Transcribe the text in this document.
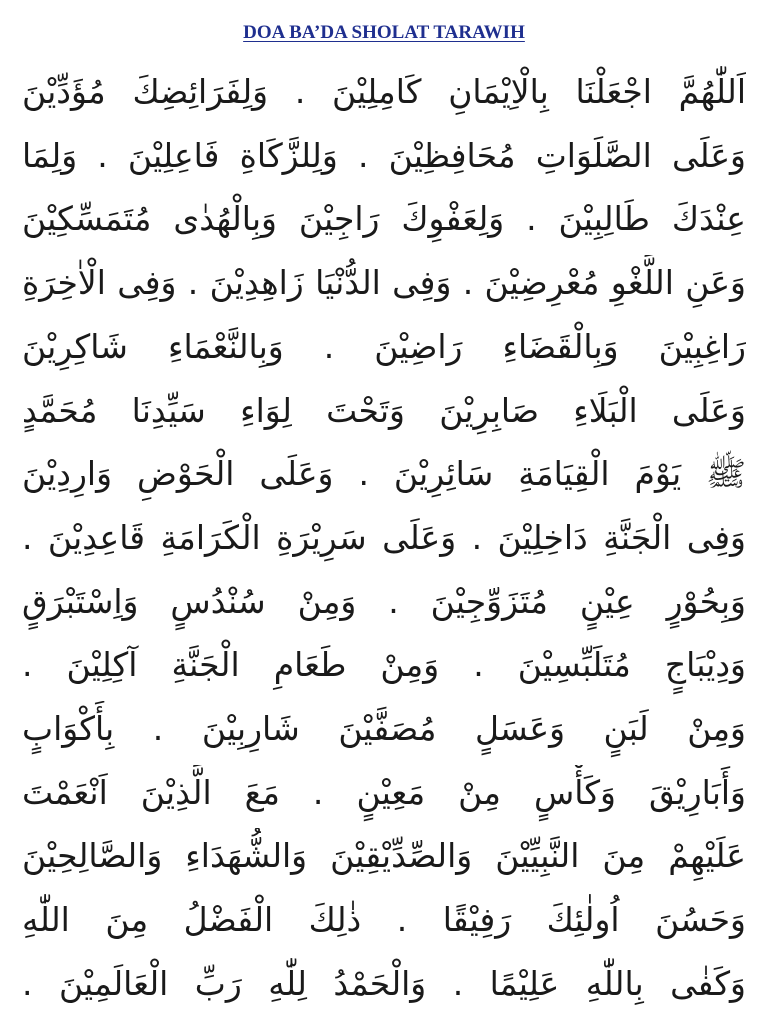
DOA BA’DA SHOLAT TARAWIH
اَللّٰهُمَّ اجْعَلْنَا بِالْاِيْمَانِ كَامِلِيْنَ . وَلِفَرَائِضِكَ مُؤَدِّيْنَ
وَعَلَى الصَّلَوَاتِ مُحَافِظِيْنَ . وَلِلزَّكَاةِ فَاعِلِيْنَ . وَلِمَا
عِنْدَكَ طَالِبِيْنَ . وَلِعَفْوِكَ رَاجِيْنَ وَبِالْهُدٰى مُتَمَسِّكِيْنَ
وَعَنِ اللَّغْوِ مُعْرِضِيْنَ . وَفِى الدُّنْيَا زَاهِدِيْنَ . وَفِى الْاٰخِرَةِ
رَاغِبِيْنَ وَبِالْقَضَاءِ رَاضِيْنَ . وَبِالنَّعْمَاءِ شَاكِرِيْنَ
وَعَلَى الْبَلَاءِ صَابِرِيْنَ وَتَحْتَ لِوَاءِ سَيِّدِنَا مُحَمَّدٍ
ﷺ يَوْمَ الْقِيَامَةِ سَائِرِيْنَ . وَعَلَى الْحَوْضِ وَارِدِيْنَ
وَفِى الْجَنَّةِ دَاخِلِيْنَ . وَعَلَى سَرِيْرَةِ الْكَرَامَةِ قَاعِدِيْنَ .
وَبِحُوْرٍ عِيْنٍ مُتَزَوِّجِيْنَ . وَمِنْ سُنْدُسٍ وَاِسْتَبْرَقٍ
وَدِيْبَاجٍ مُتَلَبِّسِيْنَ . وَمِنْ طَعَامِ الْجَنَّةِ آكِلِيْنَ .
وَمِنْ لَبَنٍ وَعَسَلٍ مُصَفَّيْنَ شَارِبِيْنَ . بِأَكْوَابٍ
وَأَبَارِيْقَ وَكَأْسٍ مِنْ مَعِيْنٍ . مَعَ الَّذِيْنَ اَنْعَمْتَ
عَلَيْهِمْ مِنَ النَّبِيِّيْنَ وَالصِّدِّيْقِيْنَ وَالشُّهَدَاءِ وَالصَّالِحِيْنَ
وَحَسُنَ اُولٰئِكَ رَفِيْقًا . ذٰلِكَ الْفَضْلُ مِنَ اللّٰهِ
وَكَفٰى بِاللّٰهِ عَلِيْمًا . وَالْحَمْدُ لِلّٰهِ رَبِّ الْعَالَمِيْنَ .
